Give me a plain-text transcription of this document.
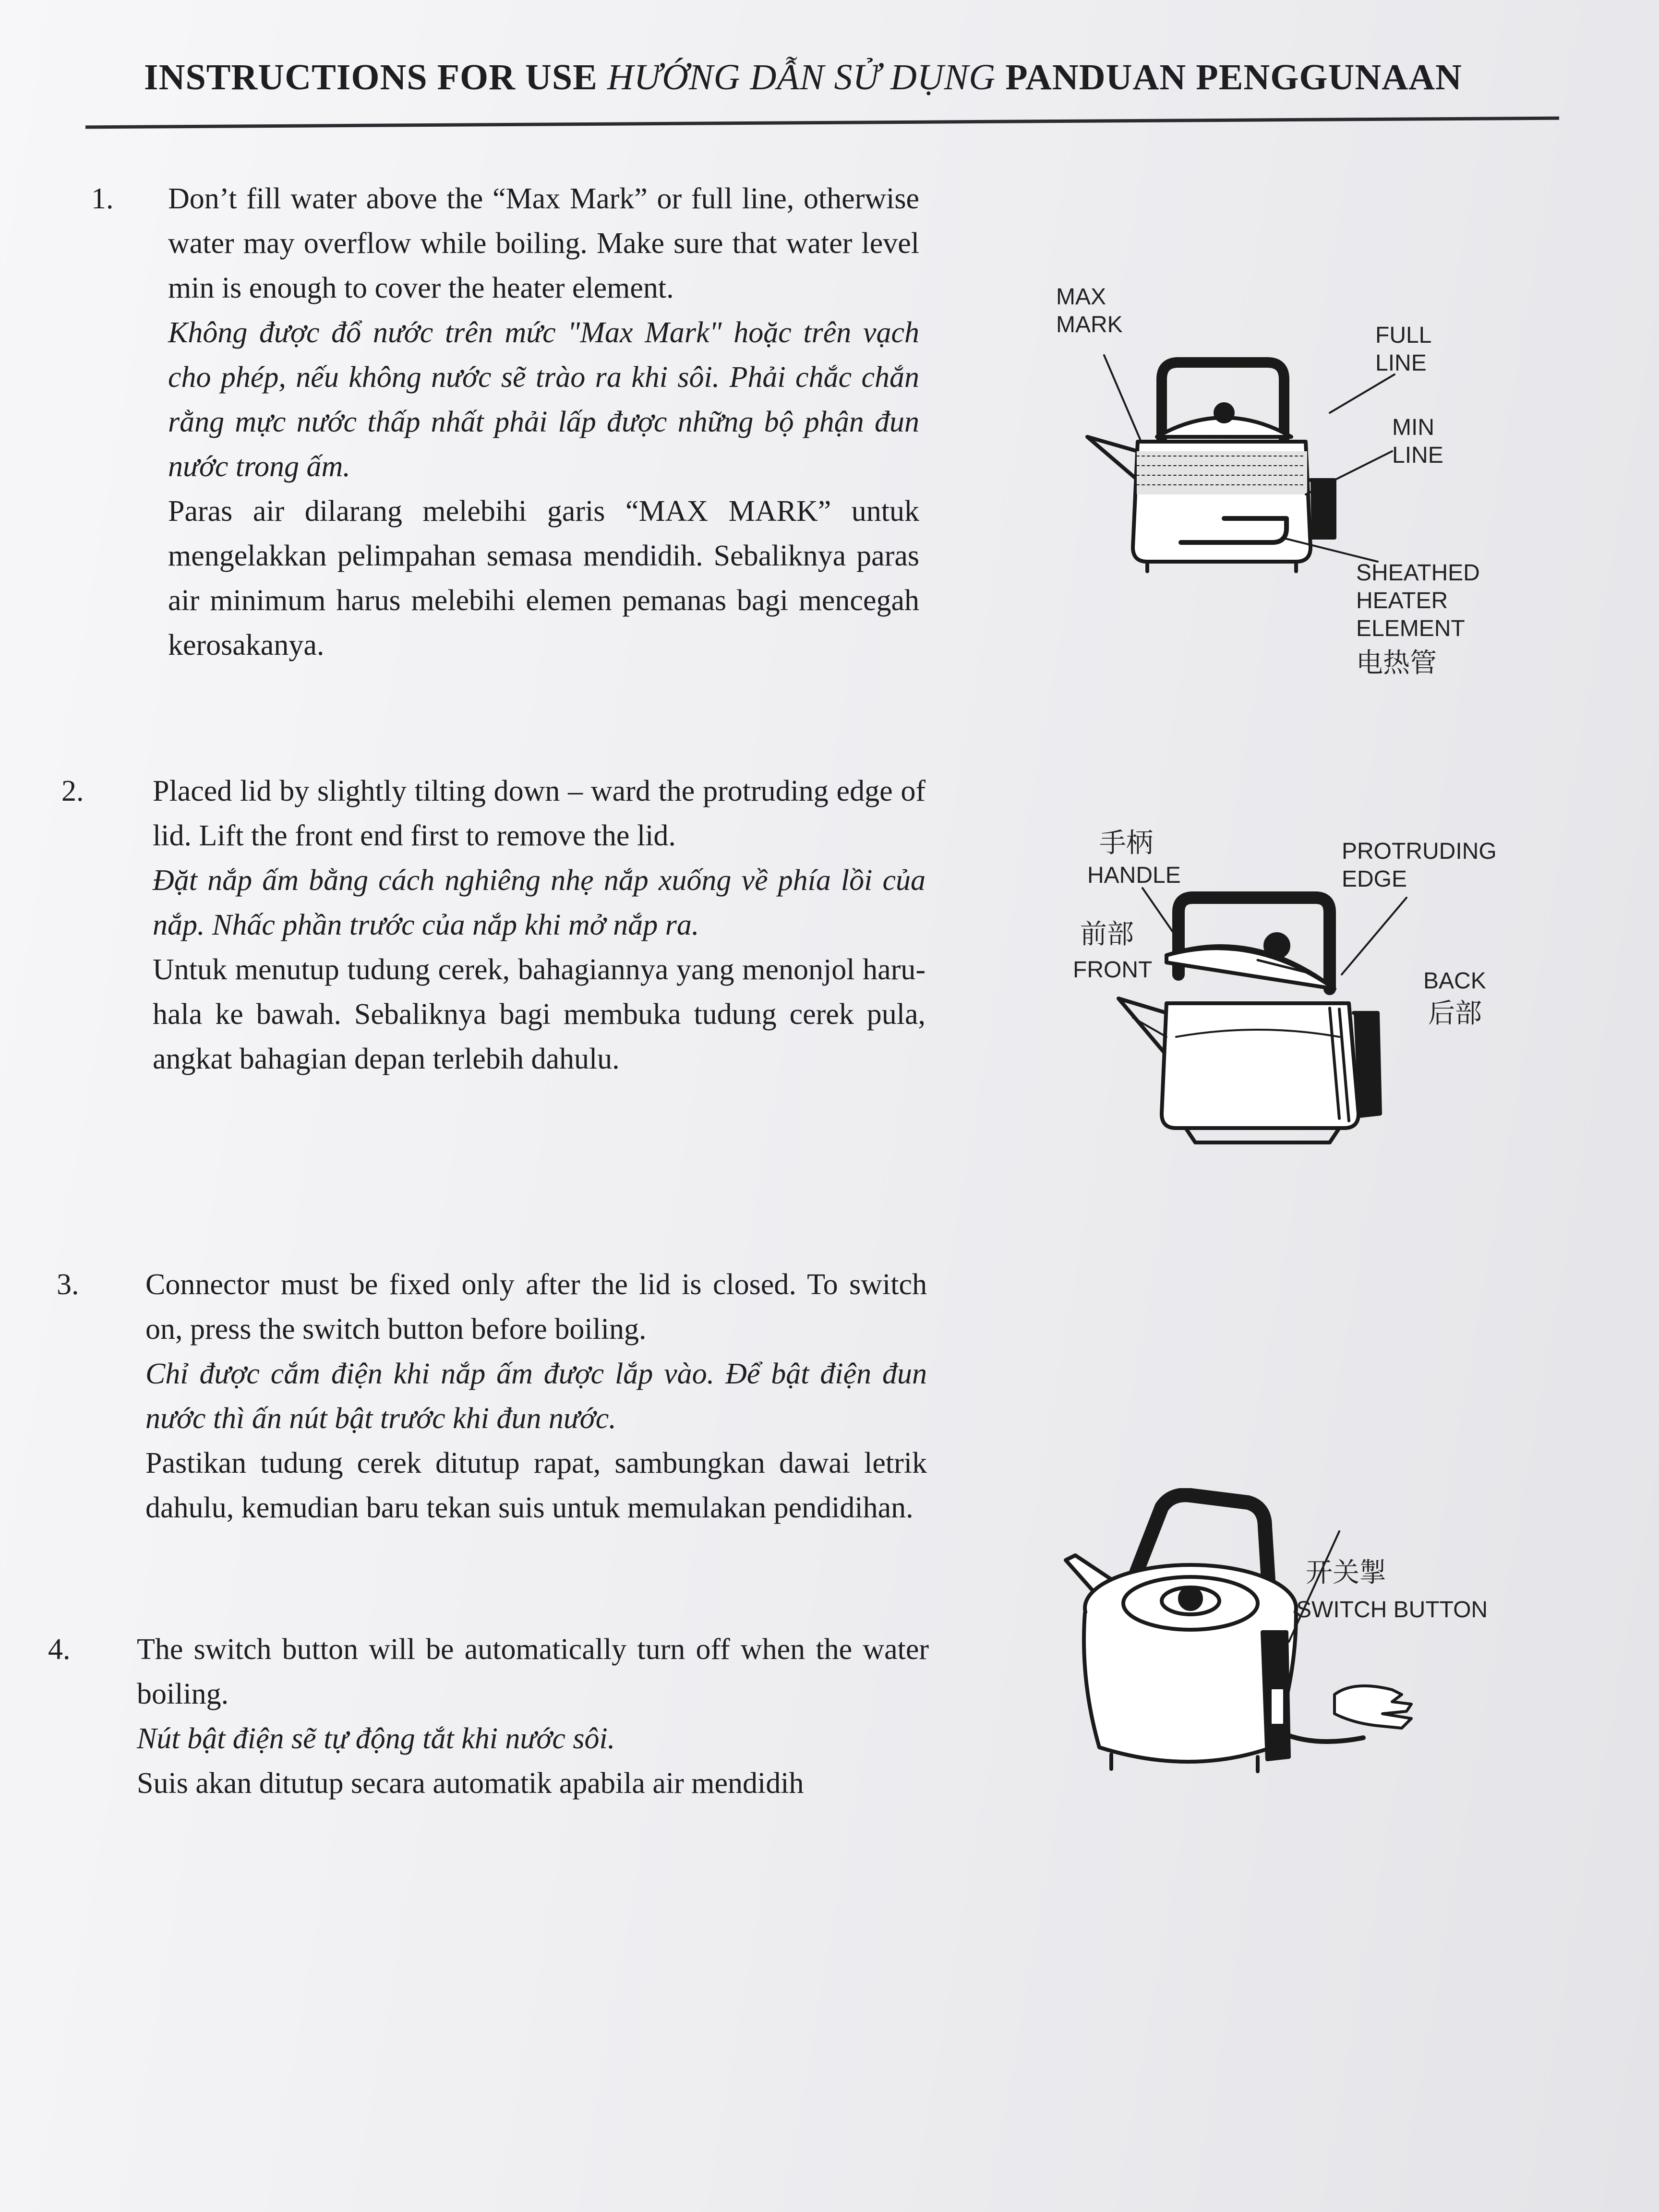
INSTRUCTIONS FOR USE HƯỚNG DẪN SỬ DỤNG PANDUAN PENGGUNAAN
1.	Don’t fill water above the “Max Mark” or full line, otherwise water may overflow while boiling. Make sure that water level min is enough to cover the heater element.

Không được đổ nước trên mức "Max Mark" hoặc trên vạch cho phép, nếu không nước sẽ trào ra khi sôi. Phải chắc chắn rằng mực nước thấp nhất phải lấp được những bộ phận đun nước trong ấm.

Paras air dilarang melebihi garis “MAX MARK” untuk mengelakkan pelimpahan semasa mendidih. Sebaliknya paras air minimum harus melebihi elemen pemanas bagi mencegah kerosakanya.

2.	Placed lid by slightly tilting down – ward the protruding edge of lid. Lift the front end first to remove the lid.

Đặt nắp ấm bằng cách nghiêng nhẹ nắp xuống về phía lồi của nắp. Nhấc phần trước của nắp khi mở nắp ra.

Untuk menutup tudung cerek, bahagiannya yang menonjol haru-hala ke bawah. Sebaliknya bagi membuka tudung cerek pula, angkat bahagian depan terlebih dahulu.

3.	Connector must be fixed only after the lid is closed. To switch on, press the switch button before boiling.

Chỉ được cắm điện khi nắp ấm được lắp vào. Để bật điện đun nước thì ấn nút bật trước khi đun nước.

Pastikan tudung cerek ditutup rapat, sambungkan dawai letrik dahulu, kemudian baru tekan suis untuk memulakan pendidihan.

4.	The switch button will be automatically turn off when the water boiling.

Nút bật điện sẽ tự động tắt khi nước sôi.

Suis akan ditutup secara automatik apabila air mendidih

MAX
MARK	FULL
LINE
MIN
LINE
SHEATHED
HEATER
ELEMENT
电热管
手柄
HANDLE
PROTRUDING
EDGE
前部
FRONT	BACK
后部
开关掣
SWITCH BUTTON
